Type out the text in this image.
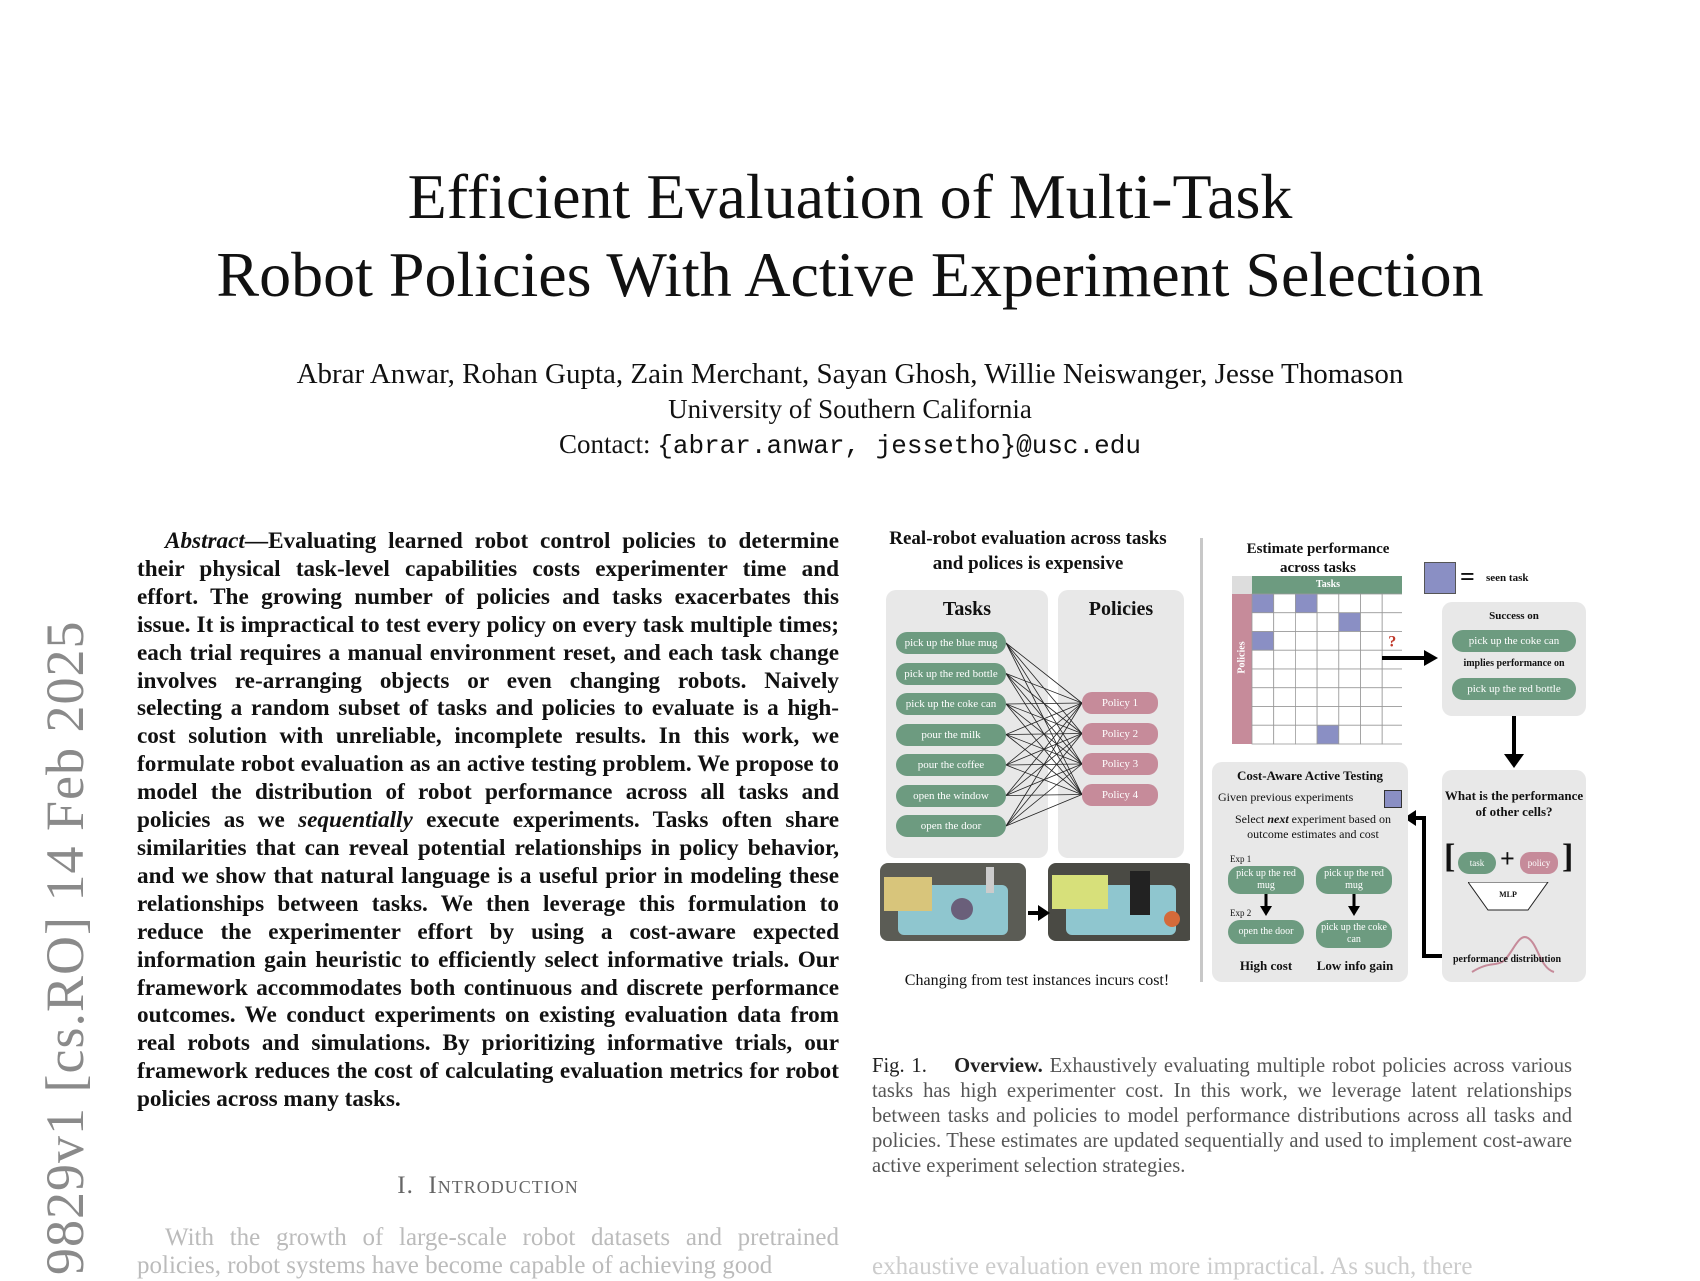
Efficient Evaluation of Multi-Task
Robot Policies With Active Experiment Selection
Abrar Anwar, Rohan Gupta, Zain Merchant, Sayan Ghosh, Willie Neiswanger, Jesse Thomason
University of Southern California
Contact: {abrar.anwar, jessetho}@usc.edu
9829v1 [cs.RO] 14 Feb 2025

Abstract—Evaluating learned robot control policies to determine their physical task-level capabilities costs experimenter time and effort. The growing number of policies and tasks exacerbates this issue. It is impractical to test every policy on every task multiple times; each trial requires a manual environment reset, and each task change involves re-arranging objects or even changing robots. Naively selecting a random subset of tasks and policies to evaluate is a high-cost solution with unreliable, incomplete results. In this work, we formulate robot evaluation as an active testing problem. We propose to model the distribution of robot performance across all tasks and policies as we sequentially execute experiments. Tasks often share similarities that can reveal potential relationships in policy behavior, and we show that natural language is a useful prior in modeling these relationships between tasks. We then leverage this formulation to reduce the experimenter effort by using a cost-aware expected information gain heuristic to efficiently select informative trials. Our framework accommodates both continuous and discrete performance outcomes. We conduct experiments on existing evaluation data from real robots and simulations. By prioritizing informative trials, our framework reduces the cost of calculating evaluation metrics for robot policies across many tasks.

I. Introduction

With the growth of large-scale robot datasets and pretrained policies, robot systems have become capable of achieving good	exhaustive evaluation even more impractical. As such, there
Real-robot evaluation across tasks and polices is expensive
Tasks	Policies
pick up the blue mug
pick up the red bottle
pick up the coke can
pour the milk
pour the coffee
open the window
open the door
Policy 1
Policy 2
Policy 3
Policy 4
Changing from test instances incurs cost!
Estimate performance across tasks
?
Tasks
Policies
= seen task
Success on
pick up the coke can
implies performance on
pick up the red bottle
What is the performance of other cells?
[	task +	policy ]
MLP
performance distribution
Cost-Aware Active Testing
Given previous experiments
Select next experiment based on outcome estimates and cost
Exp 1
pick up the red mug
pick up the red mug
Exp 2
open the door	pick up the coke can
High cost	Low info gain

Fig. 1. Overview. Exhaustively evaluating multiple robot policies across various tasks has high experimenter cost. In this work, we leverage latent relationships between tasks and policies to model performance distributions across all tasks and policies. These estimates are updated sequentially and used to implement cost-aware active experiment selection strategies.
